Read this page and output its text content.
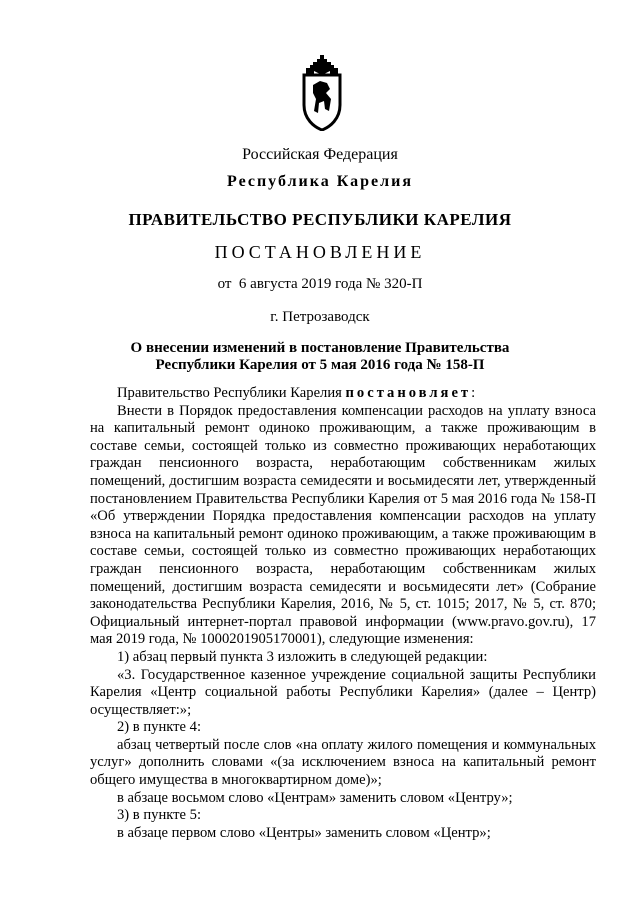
Российская Федерация
Республика Карелия
ПРАВИТЕЛЬСТВО РЕСПУБЛИКИ КАРЕЛИЯ
ПОСТАНОВЛЕНИЕ
от  6 августа 2019 года № 320-П
г. Петрозаводск
О внесении изменений в постановление Правительства
Республики Карелия от 5 мая 2016 года № 158-П

Правительство Республики Карелия постановляет:

Внести в Порядок предоставления компенсации расходов на уплату взноса на капитальный ремонт одиноко проживающим, а также проживающим в составе семьи, состоящей только из совместно проживающих неработающих граждан пенсионного возраста, неработающим собственникам жилых помещений, достигшим возраста семидесяти и восьмидесяти лет, утвержденный постановлением Правительства Республики Карелия от 5 мая 2016 года № 158-П «Об утверждении Порядка предоставления компенсации расходов на уплату взноса на капитальный ремонт одиноко проживающим, а также проживающим в составе семьи, состоящей только из совместно проживающих неработающих граждан пенсионного возраста, неработающим собственникам жилых помещений, достигшим возраста семидесяти и восьмидесяти лет» (Собрание законодательства Республики Карелия, 2016, № 5, ст. 1015; 2017, № 5, ст. 870; Официальный интернет-портал правовой информации (www.pravo.gov.ru), 17 мая 2019 года, № 1000201905170001), следующие изменения:

1) абзац первый пункта 3 изложить в следующей редакции:

«3. Государственное казенное учреждение социальной защиты Республики Карелия «Центр социальной работы Республики Карелия» (далее – Центр) осуществляет:»;

2) в пункте 4:

абзац четвертый после слов «на оплату жилого помещения и коммунальных услуг» дополнить словами «(за исключением взноса на капитальный ремонт общего имущества в многоквартирном доме)»;

в абзаце восьмом слово «Центрам» заменить словом «Центру»;

3) в пункте 5:

в абзаце первом слово «Центры» заменить словом «Центр»;
